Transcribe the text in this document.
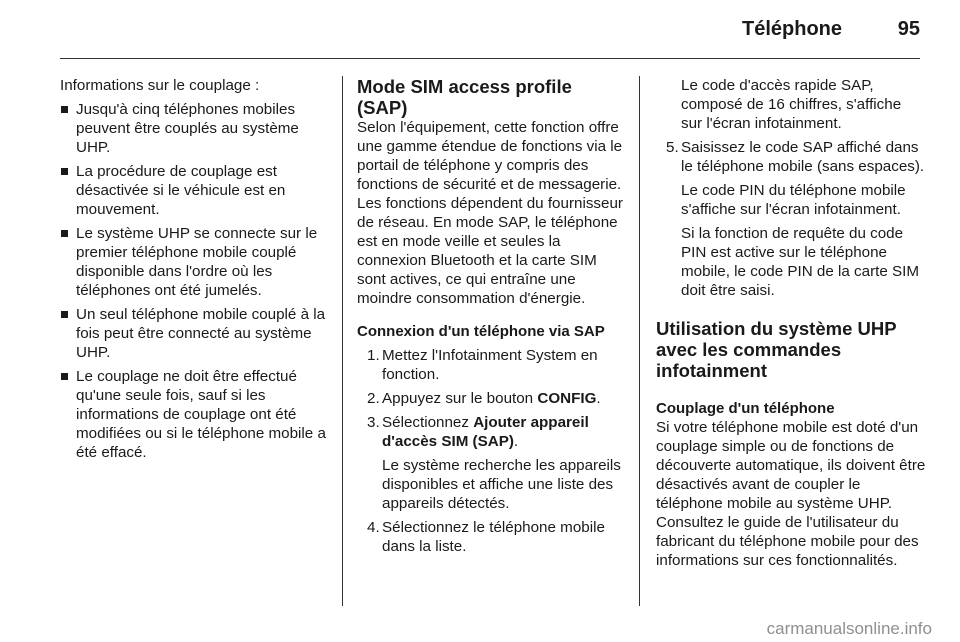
Téléphone	95

Informations sur le couplage :

Jusqu'à cinq téléphones mobiles peuvent être couplés au système UHP.
La procédure de couplage est désactivée si le véhicule est en mouvement.
Le système UHP se connecte sur le premier téléphone mobile couplé disponible dans l'ordre où les téléphones ont été jumelés.
Un seul téléphone mobile couplé à la fois peut être connecté au système UHP.
Le couplage ne doit être effectué qu'une seule fois, sauf si les informations de couplage ont été modifiées ou si le téléphone mobile a été effacé.
Mode SIM access profile (SAP)

Selon l'équipement, cette fonction offre une gamme étendue de fonctions via le portail de téléphone y compris des fonctions de sécurité et de messagerie. Les fonctions dépendent du fournisseur de réseau. En mode SAP, le téléphone est en mode veille et seules la connexion Bluetooth et la carte SIM sont actives, ce qui entraîne une moindre consommation d'énergie.

Connexion d'un téléphone via SAP
1. Mettez l'Infotainment System en fonction.
2. Appuyez sur le bouton CONFIG.
3. Sélectionnez Ajouter appareil d'accès SIM (SAP).

Le système recherche les appareils disponibles et affiche une liste des appareils détectés.

4. Sélectionnez le téléphone mobile dans la liste.

Le code d'accès rapide SAP, composé de 16 chiffres, s'affiche sur l'écran infotainment.

5. Saisissez le code SAP affiché dans le téléphone mobile (sans espaces).

Le code PIN du téléphone mobile s'affiche sur l'écran infotainment.

Si la fonction de requête du code PIN est active sur le téléphone mobile, le code PIN de la carte SIM doit être saisi.

Utilisation du système UHP avec les commandes infotainment
Couplage d'un téléphone

Si votre téléphone mobile est doté d'un couplage simple ou de fonctions de découverte automatique, ils doivent être désactivés avant de coupler le téléphone mobile au système UHP. Consultez le guide de l'utilisateur du fabricant du téléphone mobile pour des informations sur ces fonctionnalités.

carmanualsonline.info
